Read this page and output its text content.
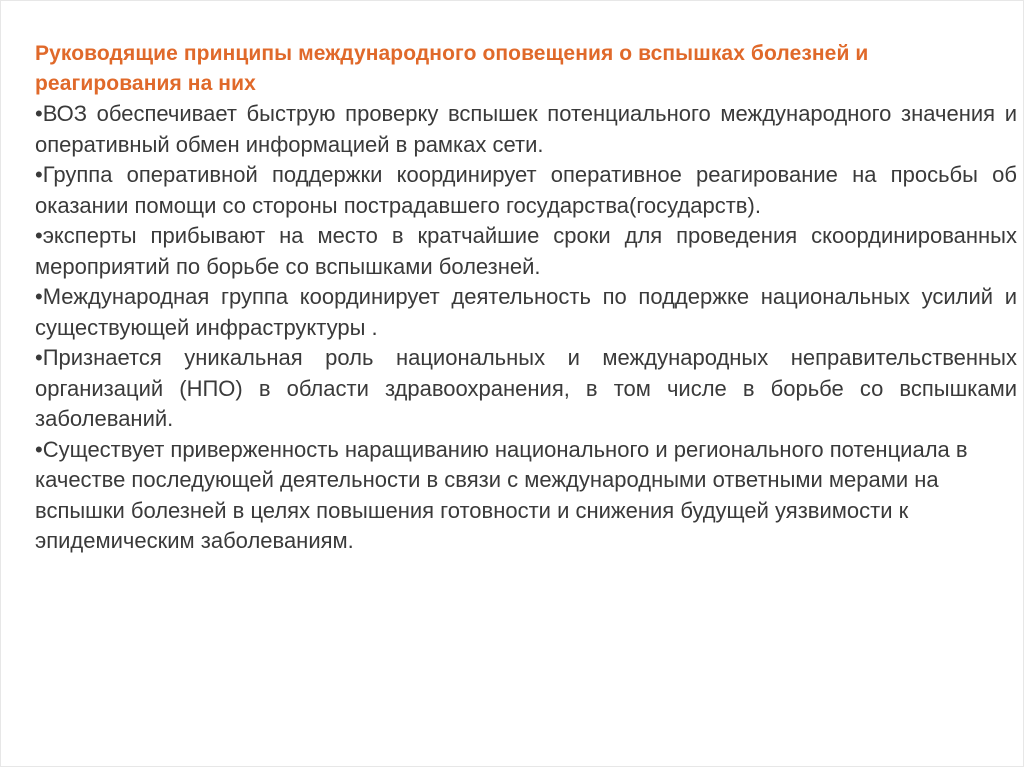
Руководящие принципы международного оповещения о вспышках болезней и реагирования на них
•ВОЗ обеспечивает быструю проверку вспышек потенциального международного значения и оперативный обмен информацией в рамках сети.
•Группа оперативной поддержки координирует оперативное реагирование на просьбы об оказании помощи со стороны пострадавшего государства(государств).
•эксперты прибывают на место в кратчайшие сроки для проведения скоординированных мероприятий по борьбе со вспышками болезней.
•Международная группа координирует деятельность по поддержке национальных усилий и существующей инфраструктуры .
•Признается уникальная роль национальных и международных неправительственных организаций (НПО) в области здравоохранения, в том числе в борьбе со вспышками заболеваний.
•Существует приверженность наращиванию национального и регионального потенциала в качестве последующей деятельности в связи с международными ответными мерами на вспышки болезней в целях повышения готовности и снижения будущей уязвимости к эпидемическим заболеваниям.
